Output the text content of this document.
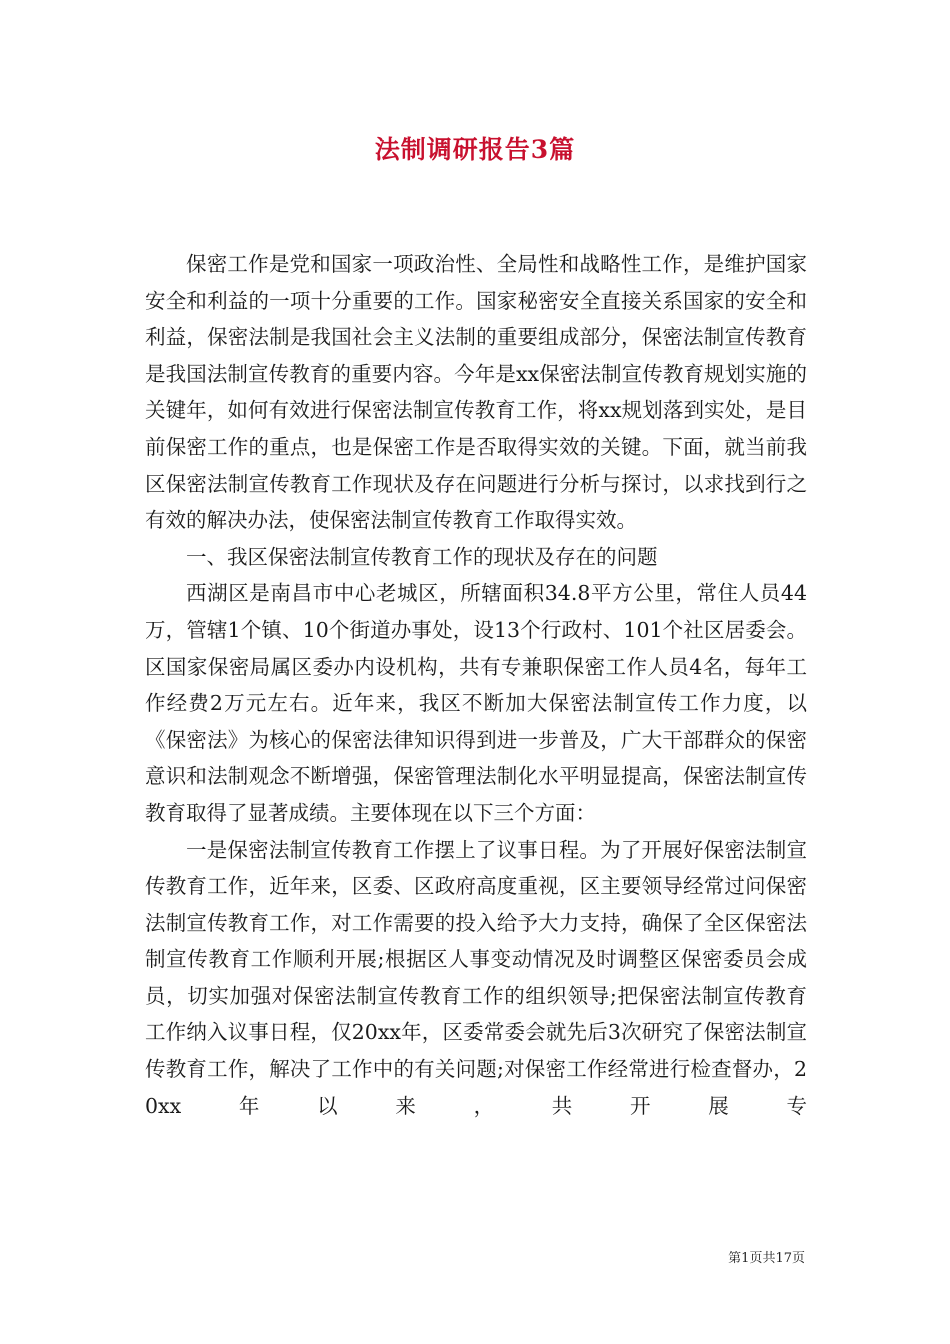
法制调研报告3篇

保密工作是党和国家一项政治性、全局性和战略性工作，是维护国家安全和利益的一项十分重要的工作。国家秘密安全直接关系国家的安全和利益，保密法制是我国社会主义法制的重要组成部分，保密法制宣传教育是我国法制宣传教育的重要内容。今年是xx保密法制宣传教育规划实施的关键年，如何有效进行保密法制宣传教育工作，将xx规划落到实处，是目前保密工作的重点，也是保密工作是否取得实效的关键。下面，就当前我区保密法制宣传教育工作现状及存在问题进行分析与探讨，以求找到行之有效的解决办法，使保密法制宣传教育工作取得实效。

一、我区保密法制宣传教育工作的现状及存在的问题

西湖区是南昌市中心老城区，所辖面积34.8平方公里，常住人员44万，管辖1个镇、10个街道办事处，设13个行政村、101个社区居委会。区国家保密局属区委办内设机构，共有专兼职保密工作人员4名，每年工作经费2万元左右。近年来，我区不断加大保密法制宣传工作力度，以《保密法》为核心的保密法律知识得到进一步普及，广大干部群众的保密意识和法制观念不断增强，保密管理法制化水平明显提高，保密法制宣传教育取得了显著成绩。主要体现在以下三个方面：

一是保密法制宣传教育工作摆上了议事日程。为了开展好保密法制宣传教育工作，近年来，区委、区政府高度重视，区主要领导经常过问保密法制宣传教育工作，对工作需要的投入给予大力支持，确保了全区保密法制宣传教育工作顺利开展;根据区人事变动情况及时调整区保密委员会成员，切实加强对保密法制宣传教育工作的组织领导;把保密法制宣传教育工作纳入议事日程，仅20xx年，区委常委会就先后3次研究了保密法制宣传教育工作，解决了工作中的有关问题;对保密工作经常进行检查督办，20xx年以来，共开展专

第1页共17页
